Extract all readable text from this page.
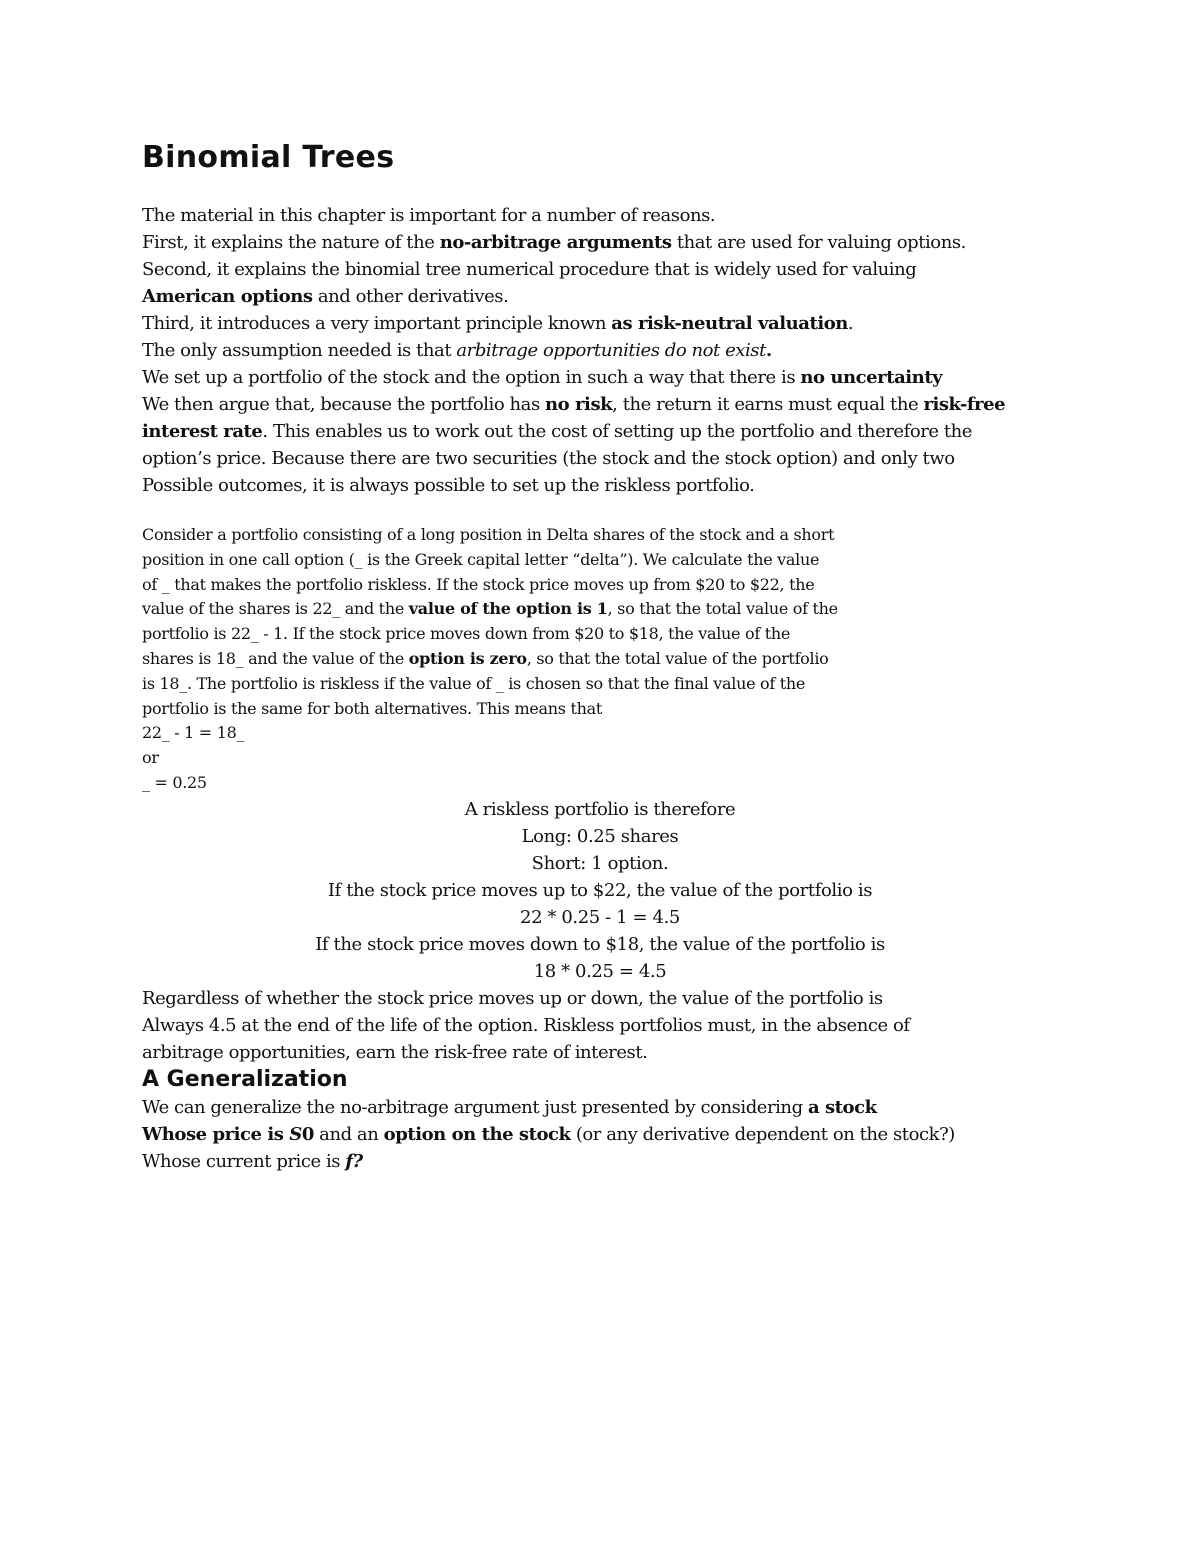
Binomial Trees
The material in this chapter is important for a number of reasons.
First, it explains the nature of the no-arbitrage arguments that are used for valuing options.
Second, it explains the binomial tree numerical procedure that is widely used for valuing
American options and other derivatives.
Third, it introduces a very important principle known as risk-neutral valuation.
The only assumption needed is that arbitrage opportunities do not exist.
We set up a portfolio of the stock and the option in such a way that there is no uncertainty
We then argue that, because the portfolio has no risk, the return it earns must equal the risk-free
interest rate. This enables us to work out the cost of setting up the portfolio and therefore the
option’s price. Because there are two securities (the stock and the stock option) and only two
Possible outcomes, it is always possible to set up the riskless portfolio.
Consider a portfolio consisting of a long position in Delta shares of the stock and a short
position in one call option (_ is the Greek capital letter “delta”). We calculate the value
of _ that makes the portfolio riskless. If the stock price moves up from $20 to $22, the
value of the shares is 22_ and the value of the option is 1, so that the total value of the
portfolio is 22_ - 1. If the stock price moves down from $20 to $18, the value of the
shares is 18_ and the value of the option is zero, so that the total value of the portfolio
is 18_. The portfolio is riskless if the value of _ is chosen so that the final value of the
portfolio is the same for both alternatives. This means that
22_ - 1 = 18_
or
_ = 0.25
A riskless portfolio is therefore
Long: 0.25 shares
Short: 1 option.
If the stock price moves up to $22, the value of the portfolio is
22 * 0.25 - 1 = 4.5
If the stock price moves down to $18, the value of the portfolio is
18 * 0.25 = 4.5
Regardless of whether the stock price moves up or down, the value of the portfolio is
Always 4.5 at the end of the life of the option. Riskless portfolios must, in the absence of
arbitrage opportunities, earn the risk-free rate of interest.
A Generalization
We can generalize the no-arbitrage argument just presented by considering a stock
Whose price is S0 and an option on the stock (or any derivative dependent on the stock?)
Whose current price is f?
